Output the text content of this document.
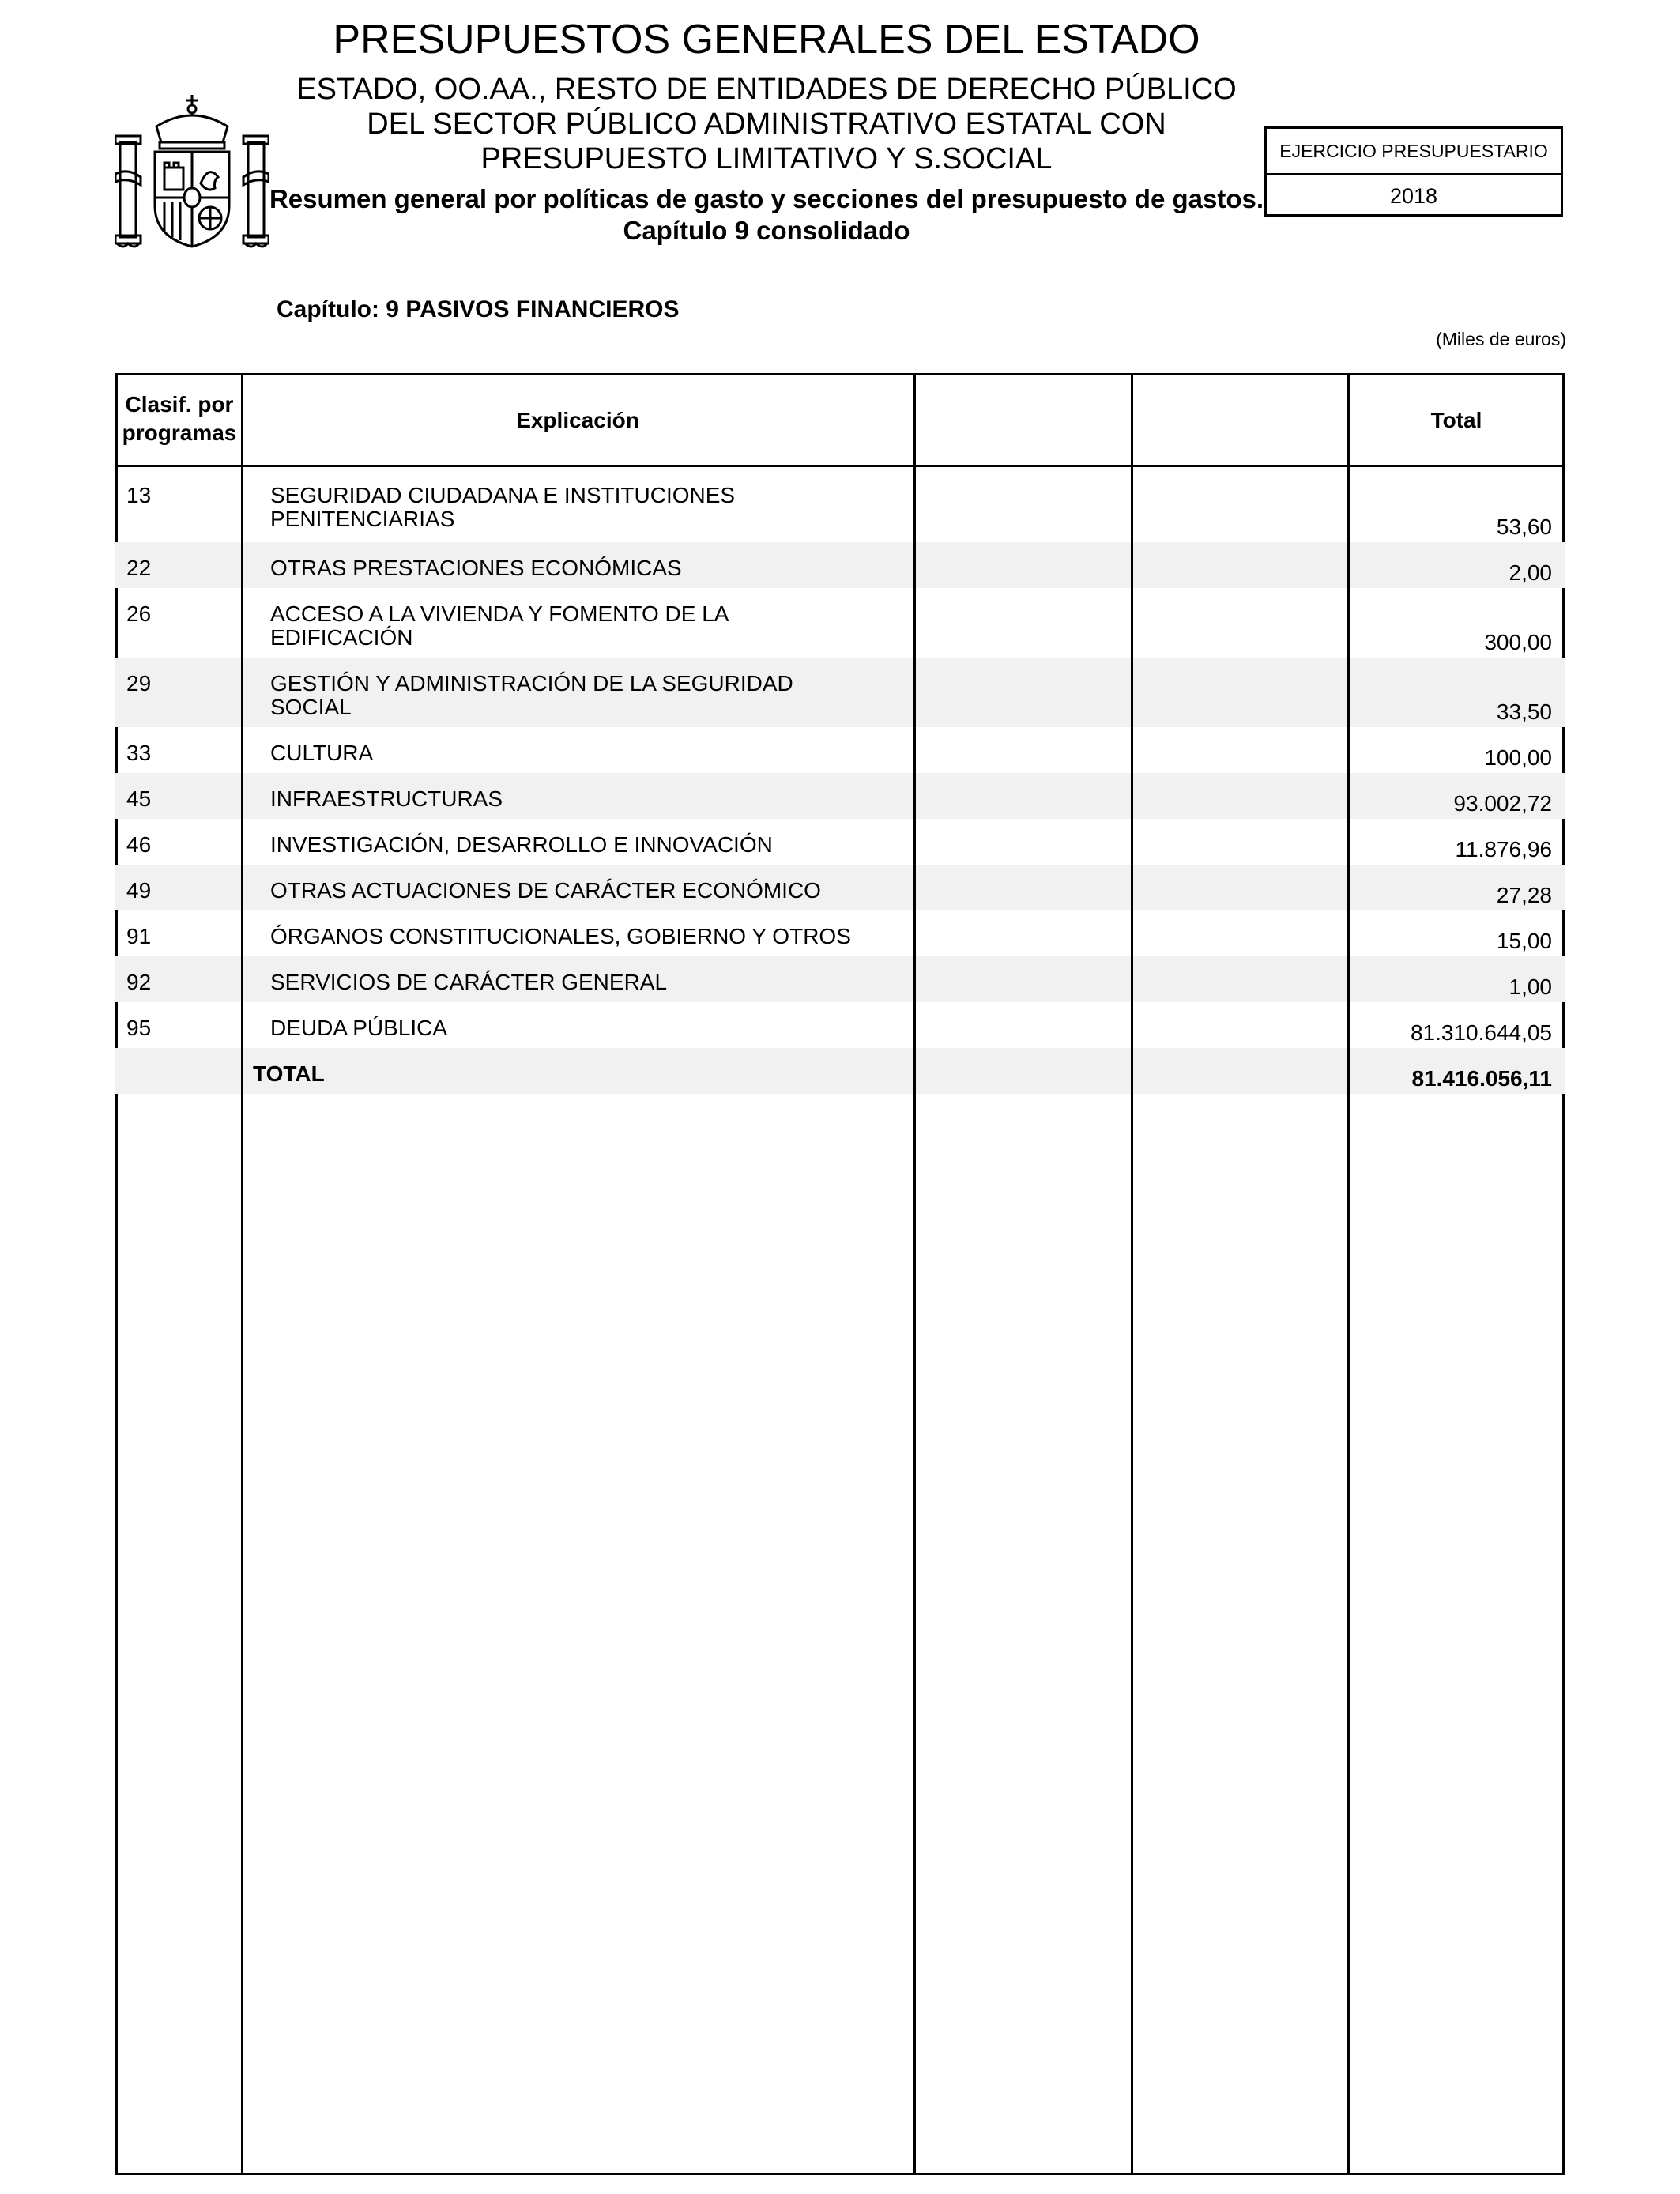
PRESUPUESTOS GENERALES DEL ESTADO
ESTADO, OO.AA., RESTO DE ENTIDADES DE DERECHO PÚBLICO
DEL SECTOR PÚBLICO ADMINISTRATIVO ESTATAL CON
PRESUPUESTO LIMITATIVO Y S.SOCIAL
Resumen general por políticas de gasto y secciones del presupuesto de gastos.
Capítulo 9 consolidado
EJERCICIO PRESUPUESTARIO
2018
Capítulo: 9 PASIVOS FINANCIEROS
(Miles de euros)
13	SEGURIDAD CIUDADANA E INSTITUCIONES
PENITENCIARIAS	53,60
22	OTRAS PRESTACIONES ECONÓMICAS	2,00
26	ACCESO A LA VIVIENDA Y FOMENTO DE LA
EDIFICACIÓN	300,00
29	GESTIÓN Y ADMINISTRACIÓN DE LA SEGURIDAD
SOCIAL	33,50
33	CULTURA	100,00
45	INFRAESTRUCTURAS	93.002,72
46	INVESTIGACIÓN, DESARROLLO E INNOVACIÓN	11.876,96
49	OTRAS ACTUACIONES DE CARÁCTER ECONÓMICO	27,28
91	ÓRGANOS CONSTITUCIONALES, GOBIERNO Y OTROS	15,00
92	SERVICIOS DE CARÁCTER GENERAL	1,00
95	DEUDA PÚBLICA	81.310.644,05
TOTAL	81.416.056,11
Clasif. por
programas
Explicación	Total
